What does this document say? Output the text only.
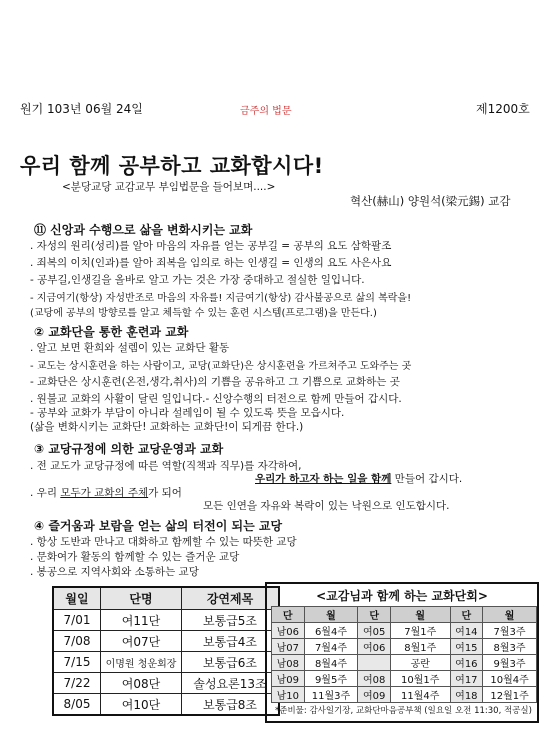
원기 103년 06월 24일	금주의 법문	제1200호
우리 함께 공부하고 교화합시다!
<분당교당 교감교무 부임법문을 들어보며....>
혁산(赫山) 양원석(梁元錫) 교감
⑪ 신앙과 수행으로 삶을 변화시키는 교화
. 자성의 원리(성리)를 알아 마음의 자유를 얻는 공부길 = 공부의 요도 삼학팔조
. 죄복의 이치(인과)를 알아 죄복을 임의로 하는 인생길 = 인생의 요도 사은사요
- 공부길,인생길을 올바로 알고 가는 것은 가장 중대하고 절실한 일입니다.
- 지금여기(항상) 자성반조로 마음의 자유를! 지금여기(항상) 감사불공으로 삶의 복락을!
(교당에 공부의 방향로를 알고 체득할 수 있는 훈련 시스템(프로그램)을 만든다.)
② 교화단을 통한 훈련과 교화
. 알고 보면 환희와 설렘이 있는 교화단 활동
- 교도는 상시훈련을 하는 사람이고, 교당(교화단)은 상시훈련을 가르쳐주고 도와주는 곳
- 교화단은 상시훈련(온전,생각,취사)의 기쁨을 공유하고 그 기쁨으로 교화하는 곳
. 원불교 교화의 사활이 달린 일입니다.- 신앙수행의 터전으로 함께 만들어 갑시다.
- 공부와 교화가 부담이 아니라 설레임이 될 수 있도록 뜻을 모읍시다.
(삶을 변화시키는 교화단! 교화하는 교화단!이 되게끔 한다.)
③ 교당규정에 의한 교당운영과 교화
. 전 교도가 교당규정에 따른 역할(직책과 직무)를 자각하여,
우리가 하고자 하는 일을 함께 만들어 갑시다.
. 우리 모두가 교화의 주체가 되어
모든 인연을 자유와 복락이 있는 낙원으로 인도합시다.
④ 즐거움과 보람을 얻는 삶의 터전이 되는 교당
. 항상 도반과 만나고 대화하고 함께할 수 있는 따뜻한 교당
. 문화여가 활동의 함께할 수 있는 즐거운 교당
. 봉공으로 지역사회와 소통하는 교당
월일	단명	강연제목
7/01	여11단	보통급5조
7/08	여07단	보통급4조
7/15	이명원 청운회장	보통급6조
7/22	여08단	솔성요론13조
8/05	여10단	보통급8조
<교감님과 함께 하는 교화단회>
단	월	단	월	단	월
남06	6월4주	여05	7월1주	여14	7월3주
남07	7월4주	여06	8월1주	여15	8월3주
남08	8월4주		공란	여16	9월3주
남09	9월5주	여08	10월1주	여17	10월4주
남10	11월3주	여09	11월4주	여18	12월1주
*준비물: 감사일기장, 교화단마음공부책 (일요일 오전 11:30, 적공실)
